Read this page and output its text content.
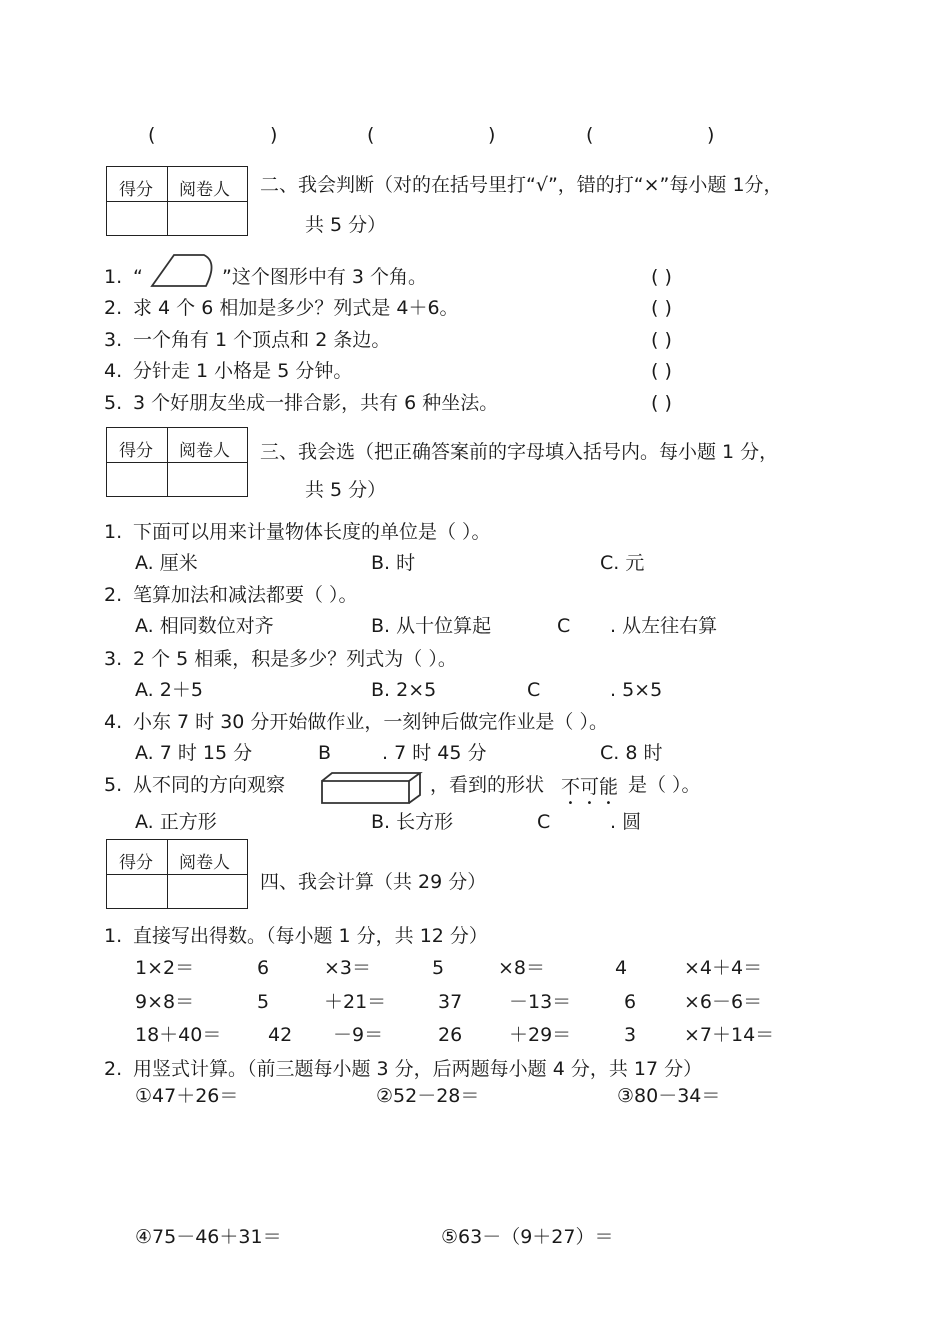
(	)	(	)	(	)
得分 阅卷人 二、我会判断（对的在括号里打“√”，错的打“×”每小题 1分，
共 5 分）
1. “	”这个图形中有 3 个角。	( )
2. 求 4 个 6 相加是多少？列式是 4＋6。	( )
3. 一个角有 1 个顶点和 2 条边。	( )
4. 分针走 1 小格是 5 分钟。	( )
5. 3 个好朋友坐成一排合影，共有 6 种坐法。	( )
得分 阅卷人 三、我会选（把正确答案前的字母填入括号内。每小题 1 分，
共 5 分）
1. 下面可以用来计量物体长度的单位是（ ）。
A. 厘米	B. 时	C. 元
2. 笔算加法和减法都要（ ）。
A. 相同数位对齐	B. 从十位算起	C . 从左往右算
3. 2 个 5 相乘，积是多少？列式为（ ）。
A. 2＋5	B. 2×5	C	. 5×5
4. 小东 7 时 30 分开始做作业，一刻钟后做完作业是（ ）。
A. 7 时 15 分	B	. 7 时 45 分	C. 8 时
5. 从不同的方向观察	，看到的形状 不可能 是（ ）。
A. 正方形	B. 长方形	C	. 圆
得分 阅卷人
四、我会计算（共 29 分）
1. 直接写出得数。（每小题 1 分，共 12 分）
1×2＝	6	×3＝	5	×8＝	4	×4＋4＝
9×8＝	5	＋21＝	37 －13＝	6	×6－6＝
18＋40＝ 42 －9＝	26 ＋29＝	3	×7＋14＝
2. 用竖式计算。（前三题每小题 3 分，后两题每小题 4 分，共 17 分）
①47＋26＝	②52－28＝	③80－34＝
④75－46＋31＝	⑤63－（9＋27）＝
